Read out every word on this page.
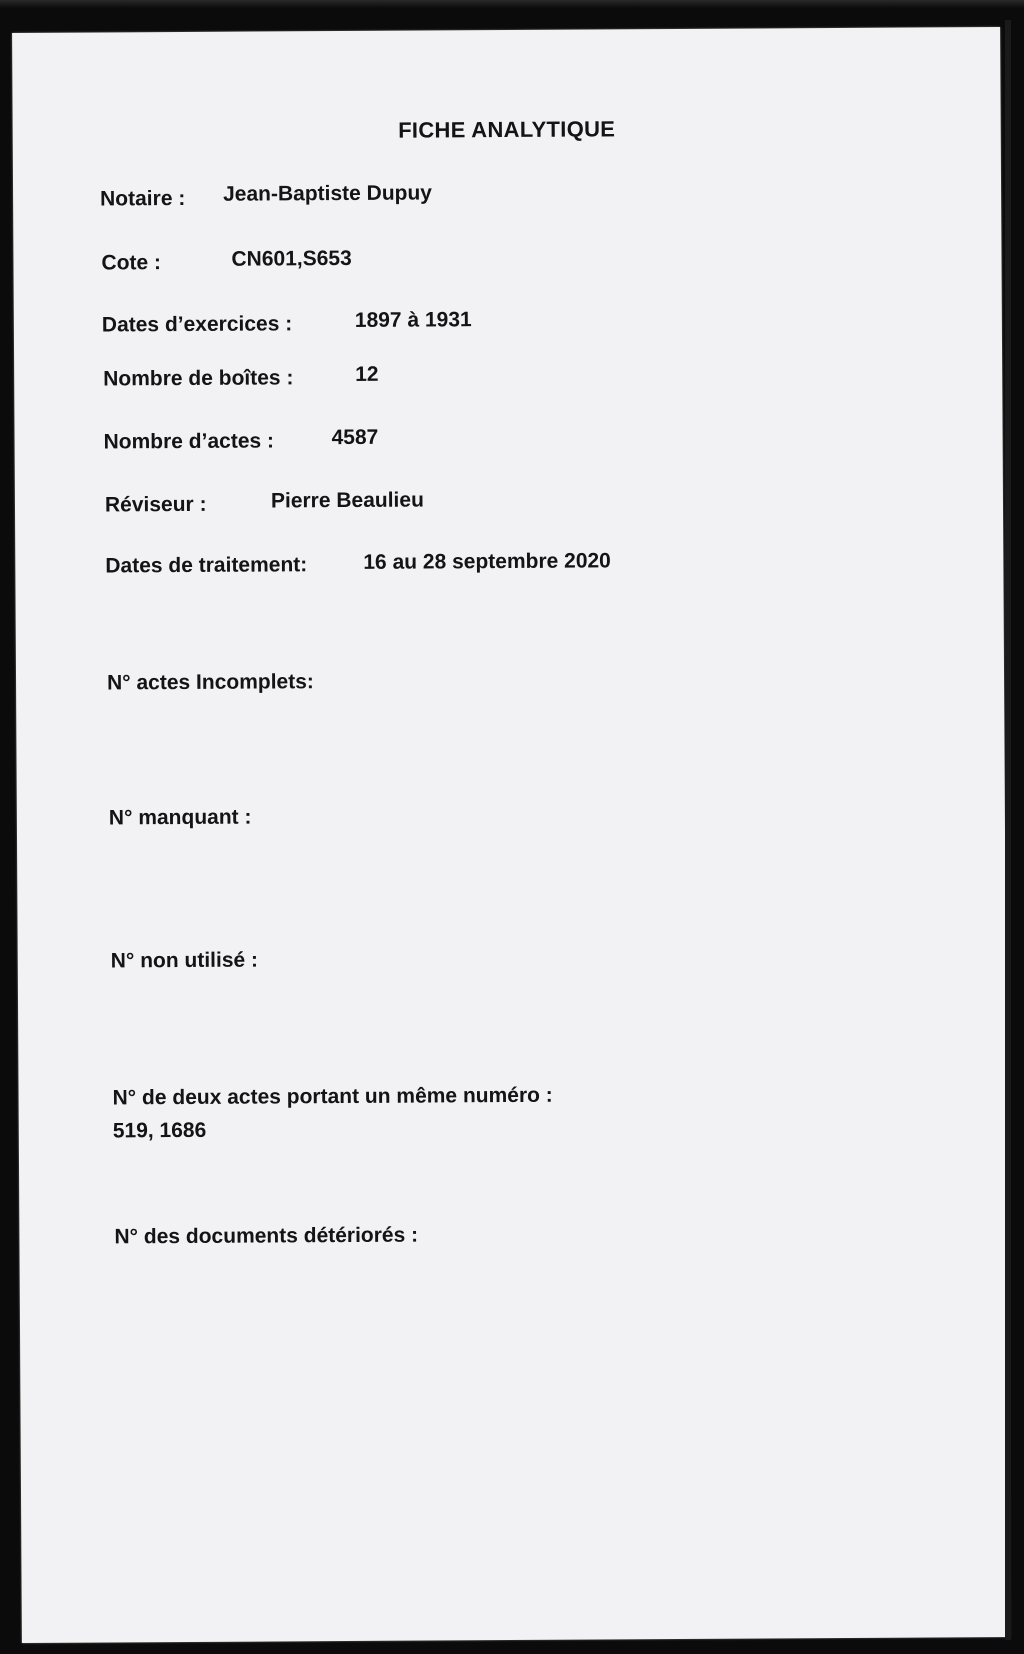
FICHE ANALYTIQUE
Notaire : Jean-Baptiste Dupuy
Cote :	CN601,S653
Dates d’exercices :	1897 à 1931
Nombre de boîtes :	12
Nombre d’actes :	4587
Réviseur :	Pierre Beaulieu
Dates de traitement:	16 au 28 septembre 2020
N° actes Incomplets:
N° manquant :
N° non utilisé :
N° de deux actes portant un même numéro :
519, 1686
N° des documents détériorés :
